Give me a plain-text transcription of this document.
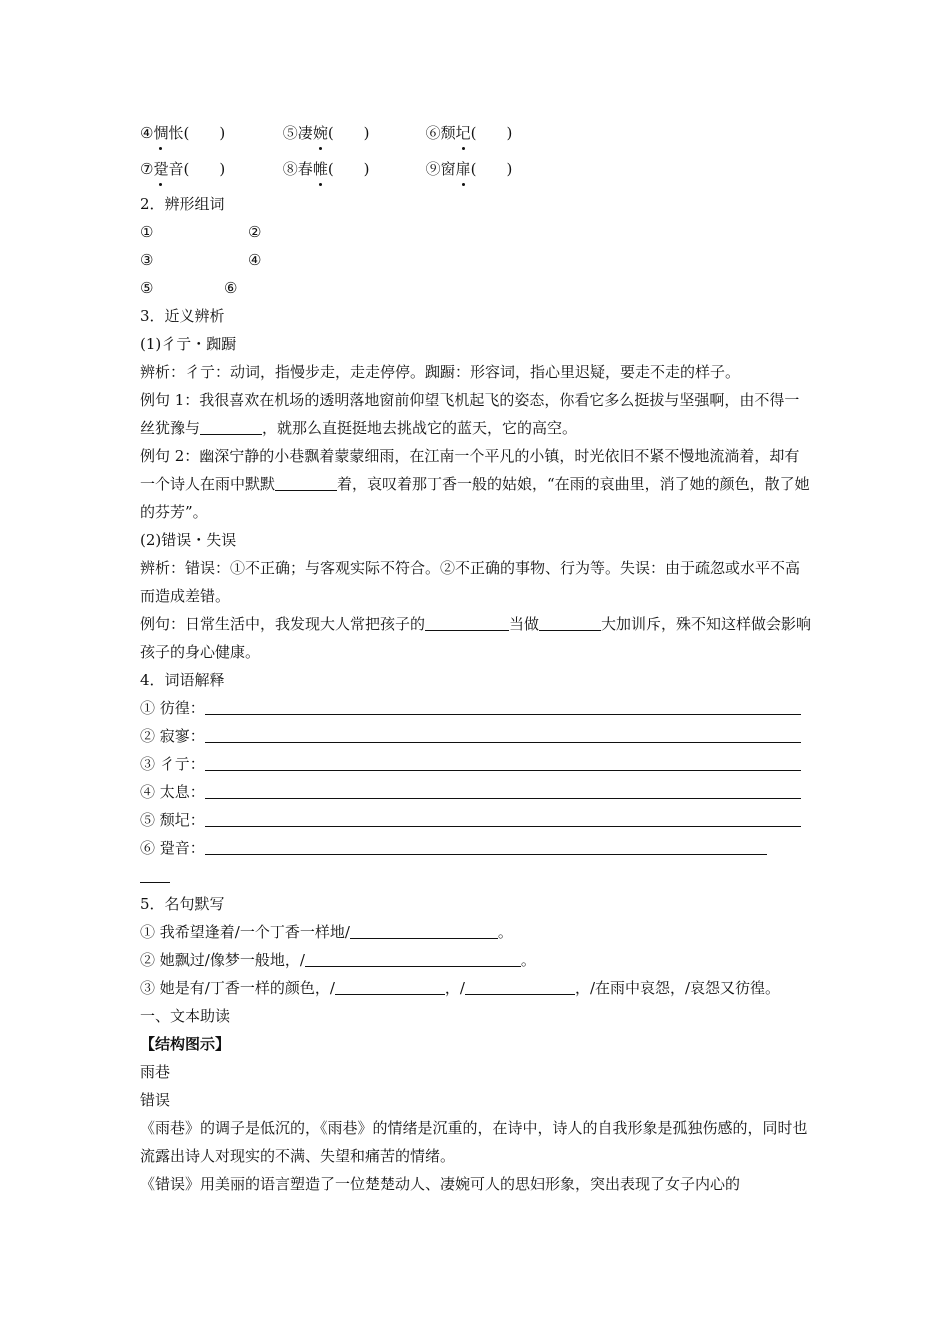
④惆怅(　　)	⑤凄婉(　　)	⑥颓圮(　　)
⑦跫音(　　)	⑧春帷(　　)	⑨窗扉(　　)
2．辨形组词
①	②
③	④
⑤	⑥
3．近义辨析
(1)彳亍・踟蹰
辨析：彳亍：动词，指慢步走，走走停停。踟蹰：形容词，指心里迟疑，要走不走的样子。
例句 1：我很喜欢在机场的透明落地窗前仰望飞机起飞的姿态，你看它多么挺拔与坚强啊，由不得一丝犹豫与	，就那么直挺挺地去挑战它的蓝天，它的高空。
例句 2：幽深宁静的小巷飘着蒙蒙细雨，在江南一个平凡的小镇，时光依旧不紧不慢地流淌着，却有一个诗人在雨中默默	着，哀叹着那丁香一般的姑娘，“在雨的哀曲里，消了她的颜色，散了她的芬芳”。
(2)错误・失误
辨析：错误：①不正确；与客观实际不符合。②不正确的事物、行为等。失误：由于疏忽或水平不高而造成差错。
例句：日常生活中，我发现大人常把孩子的	当做	大加训斥，殊不知这样做会影响孩子的身心健康。
4．词语解释
① 彷徨：
② 寂寥：
③ 彳亍：
④ 太息：
⑤ 颓圮：
⑥ 跫音：
5．名句默写
① 我希望逢着/一个丁香一样地/	。
② 她飘过/像梦一般地，/	。
③ 她是有/丁香一样的颜色，/	，/	，/在雨中哀怨，/哀怨又彷徨。
一、文本助读
【结构图示】
雨巷
错误
《雨巷》的调子是低沉的，《雨巷》的情绪是沉重的，在诗中，诗人的自我形象是孤独伤感的，同时也流露出诗人对现实的不满、失望和痛苦的情绪。
《错误》用美丽的语言塑造了一位楚楚动人、凄婉可人的思妇形象，突出表现了女子内心的
